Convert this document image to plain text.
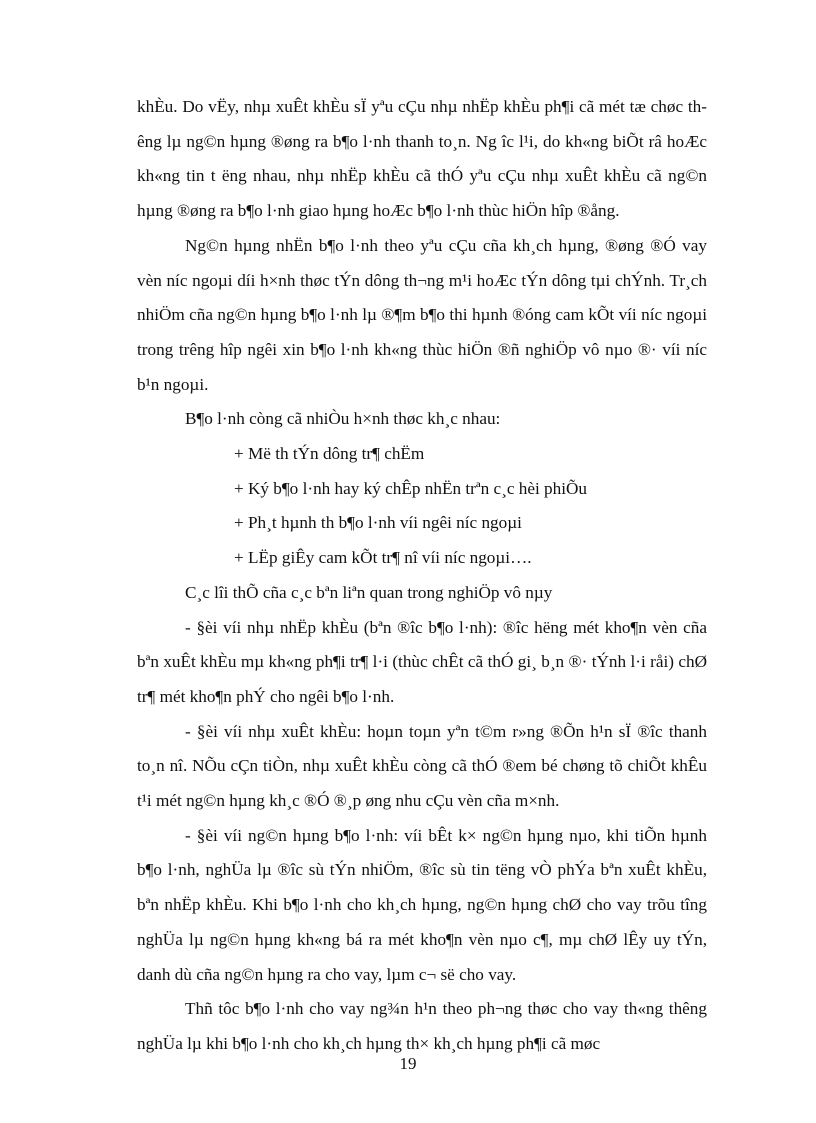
khÈu. Do vËy, nhµ xuÊt khÈu sÏ yªu cÇu nhµ nhËp khÈu ph¶i cã mét tæ chøc th êng lµ ng©n hµng ®øng ra b¶o l·nh thanh to¸n. Ng îc l¹i, do kh«ng biÕt râ hoÆc kh«ng tin t ëng nhau, nhµ nhËp khÈu cã thÓ yªu cÇu nhµ xuÊt khÈu cã ng©n hµng ®øng ra b¶o l·nh giao hµng hoÆc b¶o l·nh thùc hiÖn hîp ®ång.

Ng©n hµng nhËn b¶o l·nh theo yªu cÇu cña kh¸ch hµng, ®øng ®Ó vay vèn níc ngoµi díi h×nh thøc tÝn dông th¬ng m¹i hoÆc tÝn dông tµi chÝnh. Tr¸ch nhiÖm cña ng©n hµng b¶o l·nh lµ ®¶m b¶o thi hµnh ®óng cam kÕt víi níc ngoµi trong trêng hîp ngêi xin b¶o l·nh kh«ng thùc hiÖn ®ñ nghiÖp vô nµo ®· víi níc b¹n ngoµi.

B¶o l·nh còng cã nhiÒu h×nh thøc kh¸c nhau:

+ Më th tÝn dông tr¶ chËm

+ Ký b¶o l·nh hay ký chÊp nhËn trªn c¸c hèi phiÕu

+ Ph¸t hµnh th b¶o l·nh víi ngêi níc ngoµi

+ LËp giÊy cam kÕt tr¶ nî víi níc ngoµi….

C¸c lîi thÕ cña c¸c bªn liªn quan trong nghiÖp vô nµy

- §èi víi nhµ nhËp khÈu (bªn ®îc b¶o l·nh): ®îc hëng mét kho¶n vèn cña bªn xuÊt khÈu mµ kh«ng ph¶i tr¶ l·i (thùc chÊt cã thÓ gi¸ b¸n ®· tÝnh l·i råi) chØ tr¶ mét kho¶n phÝ cho ngêi b¶o l·nh.

- §èi víi nhµ xuÊt khÈu: hoµn toµn yªn t©m r»ng ®Õn h¹n sÏ ®îc thanh to¸n nî. NÕu cÇn tiÒn, nhµ xuÊt khÈu còng cã thÓ ®em bé chøng tõ chiÕt khÊu t¹i mét ng©n hµng kh¸c ®Ó ®¸p øng nhu cÇu vèn cña m×nh.

- §èi víi ng©n hµng b¶o l·nh: víi bÊt k× ng©n hµng nµo, khi tiÕn hµnh b¶o l·nh, nghÜa lµ ®îc sù tÝn nhiÖm, ®îc sù tin tëng vÒ phÝa bªn xuÊt khÈu, bªn nhËp khÈu. Khi b¶o l·nh cho kh¸ch hµng, ng©n hµng chØ cho vay trõu tîng nghÜa lµ ng©n hµng kh«ng bá ra mét kho¶n vèn nµo c¶, mµ chØ lÊy uy tÝn, danh dù cña ng©n hµng ra cho vay, lµm c¬ së cho vay.

Thñ tôc b¶o l·nh cho vay ng¾n h¹n theo ph¬ng thøc cho vay th«ng thêng nghÜa lµ khi b¶o l·nh cho kh¸ch hµng th× kh¸ch hµng ph¶i cã møc

19
